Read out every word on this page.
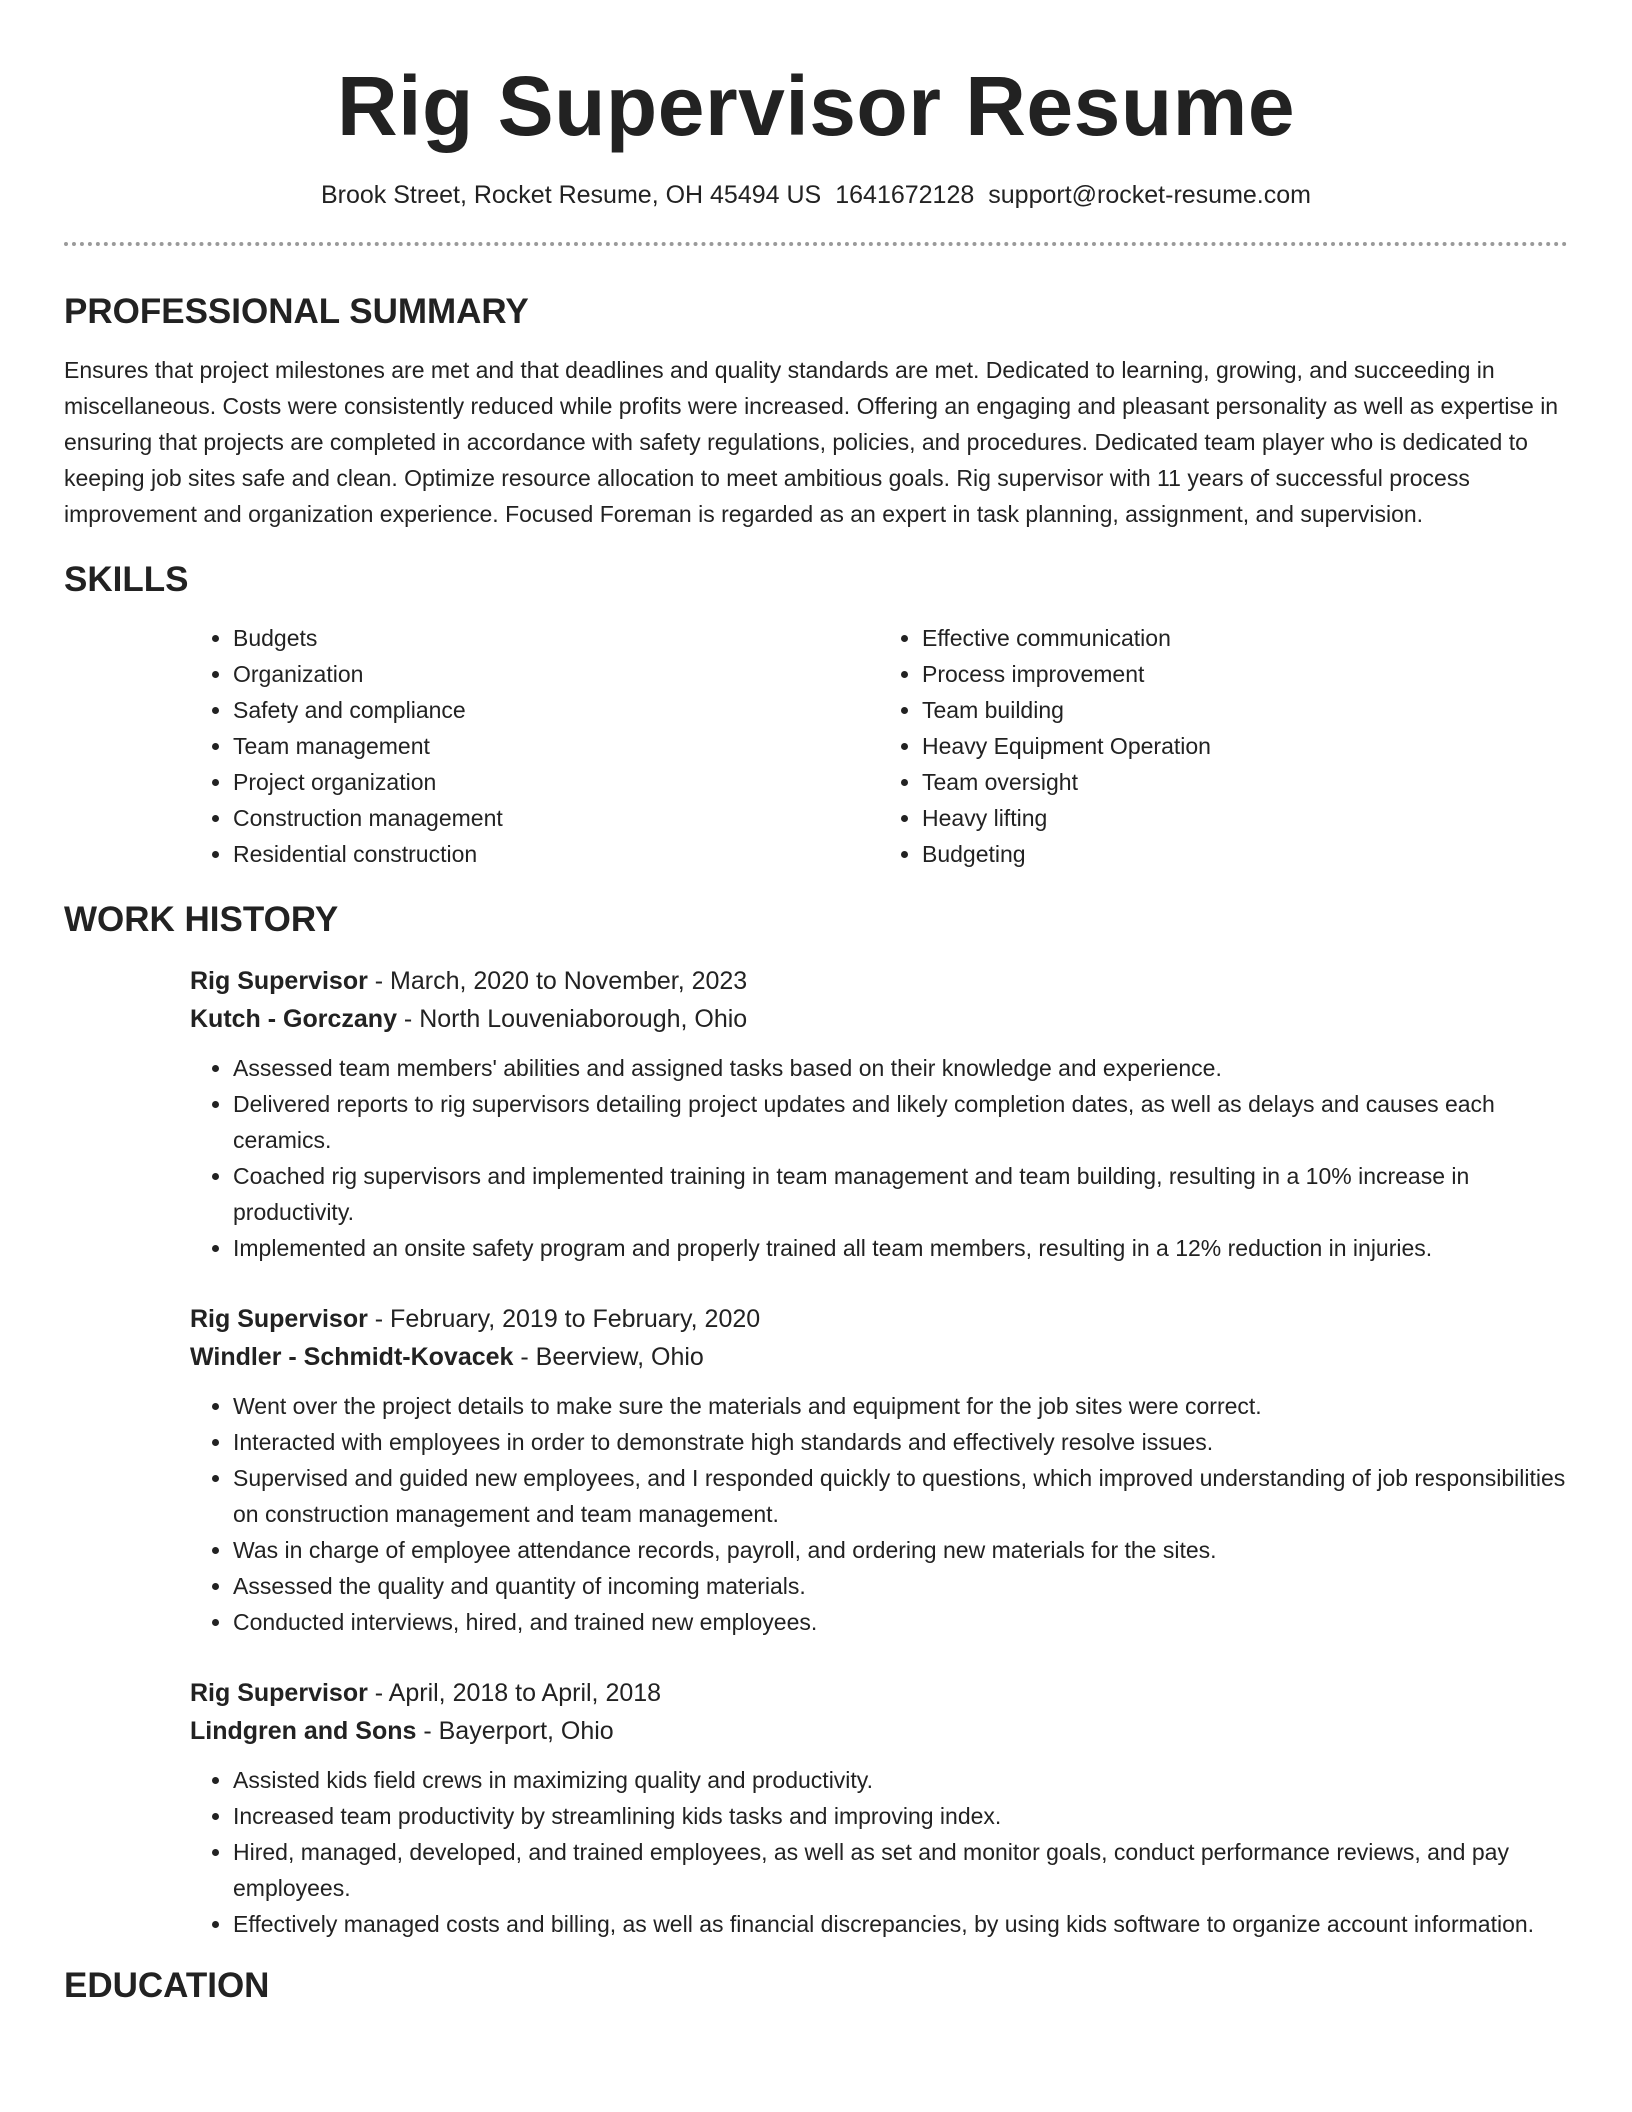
Rig Supervisor Resume
Brook Street, Rocket Resume, OH 45494 US 1641672128 support@rocket-resume.com
PROFESSIONAL SUMMARY

Ensures that project milestones are met and that deadlines and quality standards are met. Dedicated to learning, growing, and succeeding in miscellaneous. Costs were consistently reduced while profits were increased. Offering an engaging and pleasant personality as well as expertise in ensuring that projects are completed in accordance with safety regulations, policies, and procedures. Dedicated team player who is dedicated to keeping job sites safe and clean. Optimize resource allocation to meet ambitious goals. Rig supervisor with 11 years of successful process improvement and organization experience. Focused Foreman is regarded as an expert in task planning, assignment, and supervision.

SKILLS
• Budgets
• Organization
• Safety and compliance
• Team management
• Project organization
• Construction management
• Residential construction
• Effective communication
• Process improvement
• Team building
• Heavy Equipment Operation
• Team oversight
• Heavy lifting
• Budgeting
WORK HISTORY
Rig Supervisor - March, 2020 to November, 2023
Kutch - Gorczany - North Louveniaborough, Ohio
• Assessed team members' abilities and assigned tasks based on their knowledge and experience.
• Delivered reports to rig supervisors detailing project updates and likely completion dates, as well as delays and causes each ceramics.
• Coached rig supervisors and implemented training in team management and team building, resulting in a 10% increase in productivity.
• Implemented an onsite safety program and properly trained all team members, resulting in a 12% reduction in injuries.
Rig Supervisor - February, 2019 to February, 2020
Windler - Schmidt-Kovacek - Beerview, Ohio
• Went over the project details to make sure the materials and equipment for the job sites were correct.
• Interacted with employees in order to demonstrate high standards and effectively resolve issues.
• Supervised and guided new employees, and I responded quickly to questions, which improved understanding of job responsibilities on construction management and team management.
• Was in charge of employee attendance records, payroll, and ordering new materials for the sites.
• Assessed the quality and quantity of incoming materials.
• Conducted interviews, hired, and trained new employees.
Rig Supervisor - April, 2018 to April, 2018
Lindgren and Sons - Bayerport, Ohio
• Assisted kids field crews in maximizing quality and productivity.
• Increased team productivity by streamlining kids tasks and improving index.
• Hired, managed, developed, and trained employees, as well as set and monitor goals, conduct performance reviews, and pay employees.
• Effectively managed costs and billing, as well as financial discrepancies, by using kids software to organize account information.
EDUCATION
